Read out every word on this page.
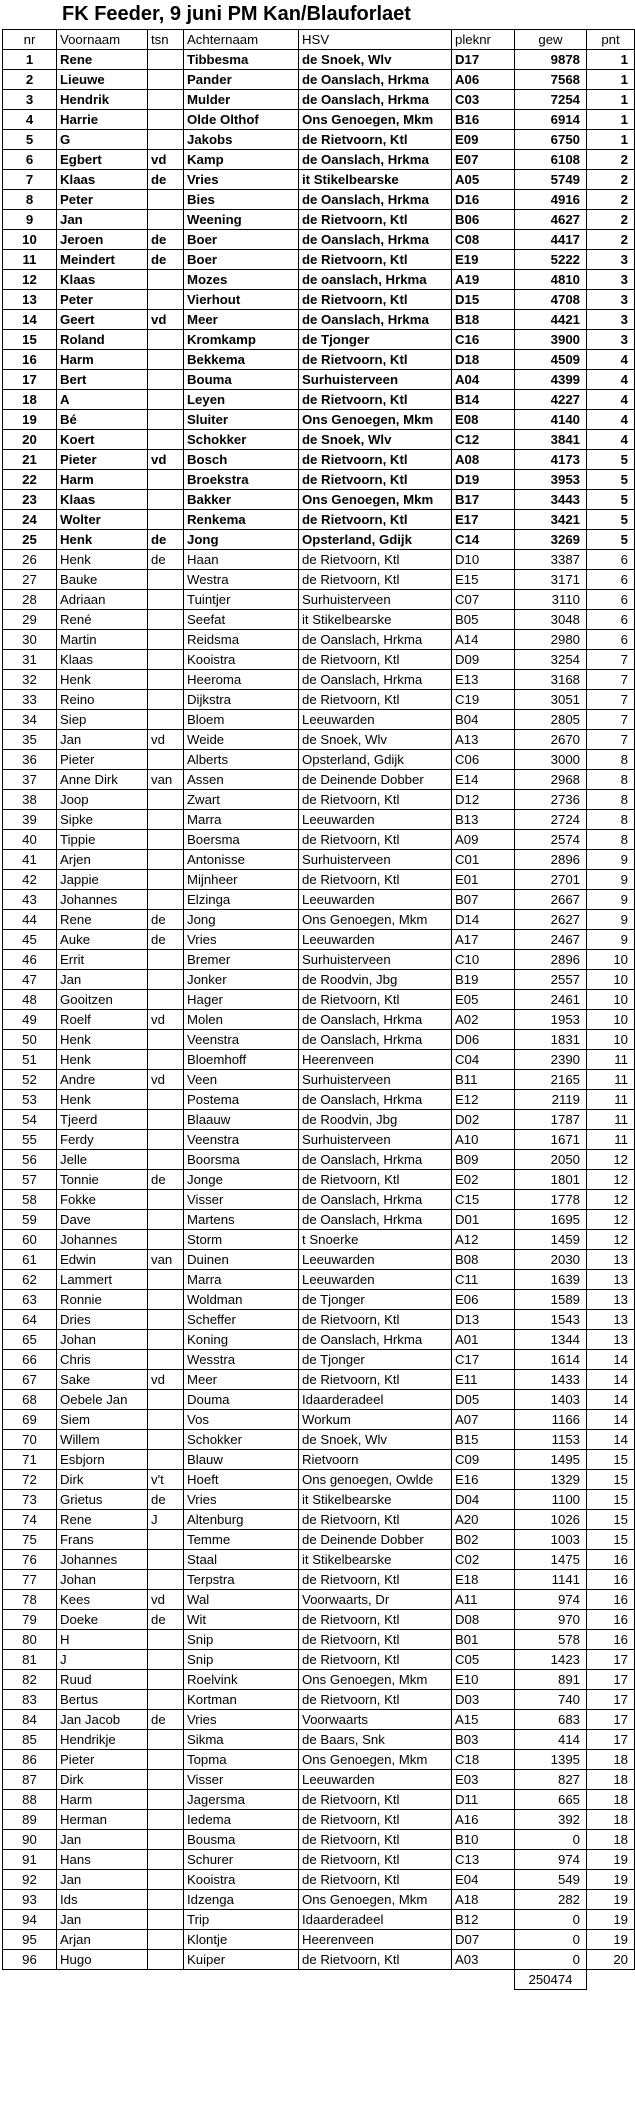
FK Feeder, 9 juni PM Kan/Blauforlaet
nr	Voornaam	tsn	Achternaam	HSV	pleknr	gew	pnt
1	Rene		Tibbesma	de Snoek, Wlv	D17	9878	1
2	Lieuwe		Pander	de Oanslach, Hrkma	A06	7568	1
3	Hendrik		Mulder	de Oanslach, Hrkma	C03	7254	1
4	Harrie		Olde Olthof	Ons Genoegen, Mkm	B16	6914	1
5	G		Jakobs	de Rietvoorn, Ktl	E09	6750	1
6	Egbert	vd	Kamp	de Oanslach, Hrkma	E07	6108	2
7	Klaas	de	Vries	it Stikelbearske	A05	5749	2
8	Peter		Bies	de Oanslach, Hrkma	D16	4916	2
9	Jan		Weening	de Rietvoorn, Ktl	B06	4627	2
10	Jeroen	de	Boer	de Oanslach, Hrkma	C08	4417	2
11	Meindert	de	Boer	de Rietvoorn, Ktl	E19	5222	3
12	Klaas		Mozes	de oanslach, Hrkma	A19	4810	3
13	Peter		Vierhout	de Rietvoorn, Ktl	D15	4708	3
14	Geert	vd	Meer	de Oanslach, Hrkma	B18	4421	3
15	Roland		Kromkamp	de Tjonger	C16	3900	3
16	Harm		Bekkema	de Rietvoorn, Ktl	D18	4509	4
17	Bert		Bouma	Surhuisterveen	A04	4399	4
18	A		Leyen	de Rietvoorn, Ktl	B14	4227	4
19	Bé		Sluiter	Ons Genoegen, Mkm	E08	4140	4
20	Koert		Schokker	de Snoek, Wlv	C12	3841	4
21	Pieter	vd	Bosch	de Rietvoorn, Ktl	A08	4173	5
22	Harm		Broekstra	de Rietvoorn, Ktl	D19	3953	5
23	Klaas		Bakker	Ons Genoegen, Mkm	B17	3443	5
24	Wolter		Renkema	de Rietvoorn, Ktl	E17	3421	5
25	Henk	de	Jong	Opsterland, Gdijk	C14	3269	5
26	Henk	de	Haan	de Rietvoorn, Ktl	D10	3387	6
27	Bauke		Westra	de Rietvoorn, Ktl	E15	3171	6
28	Adriaan		Tuintjer	Surhuisterveen	C07	3110	6
29	René		Seefat	it Stikelbearske	B05	3048	6
30	Martin		Reidsma	de Oanslach, Hrkma	A14	2980	6
31	Klaas		Kooistra	de Rietvoorn, Ktl	D09	3254	7
32	Henk		Heeroma	de Oanslach, Hrkma	E13	3168	7
33	Reino		Dijkstra	de Rietvoorn, Ktl	C19	3051	7
34	Siep		Bloem	Leeuwarden	B04	2805	7
35	Jan	vd	Weide	de Snoek, Wlv	A13	2670	7
36	Pieter		Alberts	Opsterland, Gdijk	C06	3000	8
37	Anne Dirk	van	Assen	de Deinende Dobber	E14	2968	8
38	Joop		Zwart	de Rietvoorn, Ktl	D12	2736	8
39	Sipke		Marra	Leeuwarden	B13	2724	8
40	Tippie		Boersma	de Rietvoorn, Ktl	A09	2574	8
41	Arjen		Antonisse	Surhuisterveen	C01	2896	9
42	Jappie		Mijnheer	de Rietvoorn, Ktl	E01	2701	9
43	Johannes		Elzinga	Leeuwarden	B07	2667	9
44	Rene	de	Jong	Ons Genoegen, Mkm	D14	2627	9
45	Auke	de	Vries	Leeuwarden	A17	2467	9
46	Errit		Bremer	Surhuisterveen	C10	2896	10
47	Jan		Jonker	de Roodvin, Jbg	B19	2557	10
48	Gooitzen		Hager	de Rietvoorn, Ktl	E05	2461	10
49	Roelf	vd	Molen	de Oanslach, Hrkma	A02	1953	10
50	Henk		Veenstra	de Oanslach, Hrkma	D06	1831	10
51	Henk		Bloemhoff	Heerenveen	C04	2390	11
52	Andre	vd	Veen	Surhuisterveen	B11	2165	11
53	Henk		Postema	de Oanslach, Hrkma	E12	2119	11
54	Tjeerd		Blaauw	de Roodvin, Jbg	D02	1787	11
55	Ferdy		Veenstra	Surhuisterveen	A10	1671	11
56	Jelle		Boorsma	de Oanslach, Hrkma	B09	2050	12
57	Tonnie	de	Jonge	de Rietvoorn, Ktl	E02	1801	12
58	Fokke		Visser	de Oanslach, Hrkma	C15	1778	12
59	Dave		Martens	de Oanslach, Hrkma	D01	1695	12
60	Johannes		Storm	t Snoerke	A12	1459	12
61	Edwin	van	Duinen	Leeuwarden	B08	2030	13
62	Lammert		Marra	Leeuwarden	C11	1639	13
63	Ronnie		Woldman	de Tjonger	E06	1589	13
64	Dries		Scheffer	de Rietvoorn, Ktl	D13	1543	13
65	Johan		Koning	de Oanslach, Hrkma	A01	1344	13
66	Chris		Wesstra	de Tjonger	C17	1614	14
67	Sake	vd	Meer	de Rietvoorn, Ktl	E11	1433	14
68	Oebele Jan		Douma	Idaarderadeel	D05	1403	14
69	Siem		Vos	Workum	A07	1166	14
70	Willem		Schokker	de Snoek, Wlv	B15	1153	14
71	Esbjorn		Blauw	Rietvoorn	C09	1495	15
72	Dirk	v't	Hoeft	Ons genoegen, Owlde	E16	1329	15
73	Grietus	de	Vries	it Stikelbearske	D04	1100	15
74	Rene	J	Altenburg	de Rietvoorn, Ktl	A20	1026	15
75	Frans		Temme	de Deinende Dobber	B02	1003	15
76	Johannes		Staal	it Stikelbearske	C02	1475	16
77	Johan		Terpstra	de Rietvoorn, Ktl	E18	1141	16
78	Kees	vd	Wal	Voorwaarts, Dr	A11	974	16
79	Doeke	de	Wit	de Rietvoorn, Ktl	D08	970	16
80	H		Snip	de Rietvoorn, Ktl	B01	578	16
81	J		Snip	de Rietvoorn, Ktl	C05	1423	17
82	Ruud		Roelvink	Ons Genoegen, Mkm	E10	891	17
83	Bertus		Kortman	de Rietvoorn, Ktl	D03	740	17
84	Jan Jacob	de	Vries	Voorwaarts	A15	683	17
85	Hendrikje		Sikma	de Baars, Snk	B03	414	17
86	Pieter		Topma	Ons Genoegen, Mkm	C18	1395	18
87	Dirk		Visser	Leeuwarden	E03	827	18
88	Harm		Jagersma	de Rietvoorn, Ktl	D11	665	18
89	Herman		Iedema	de Rietvoorn, Ktl	A16	392	18
90	Jan		Bousma	de Rietvoorn, Ktl	B10	0	18
91	Hans		Schurer	de Rietvoorn, Ktl	C13	974	19
92	Jan		Kooistra	de Rietvoorn, Ktl	E04	549	19
93	Ids		Idzenga	Ons Genoegen, Mkm	A18	282	19
94	Jan		Trip	Idaarderadeel	B12	0	19
95	Arjan		Klontje	Heerenveen	D07	0	19
96	Hugo		Kuiper	de Rietvoorn, Ktl	A03	0	20
						250474	
